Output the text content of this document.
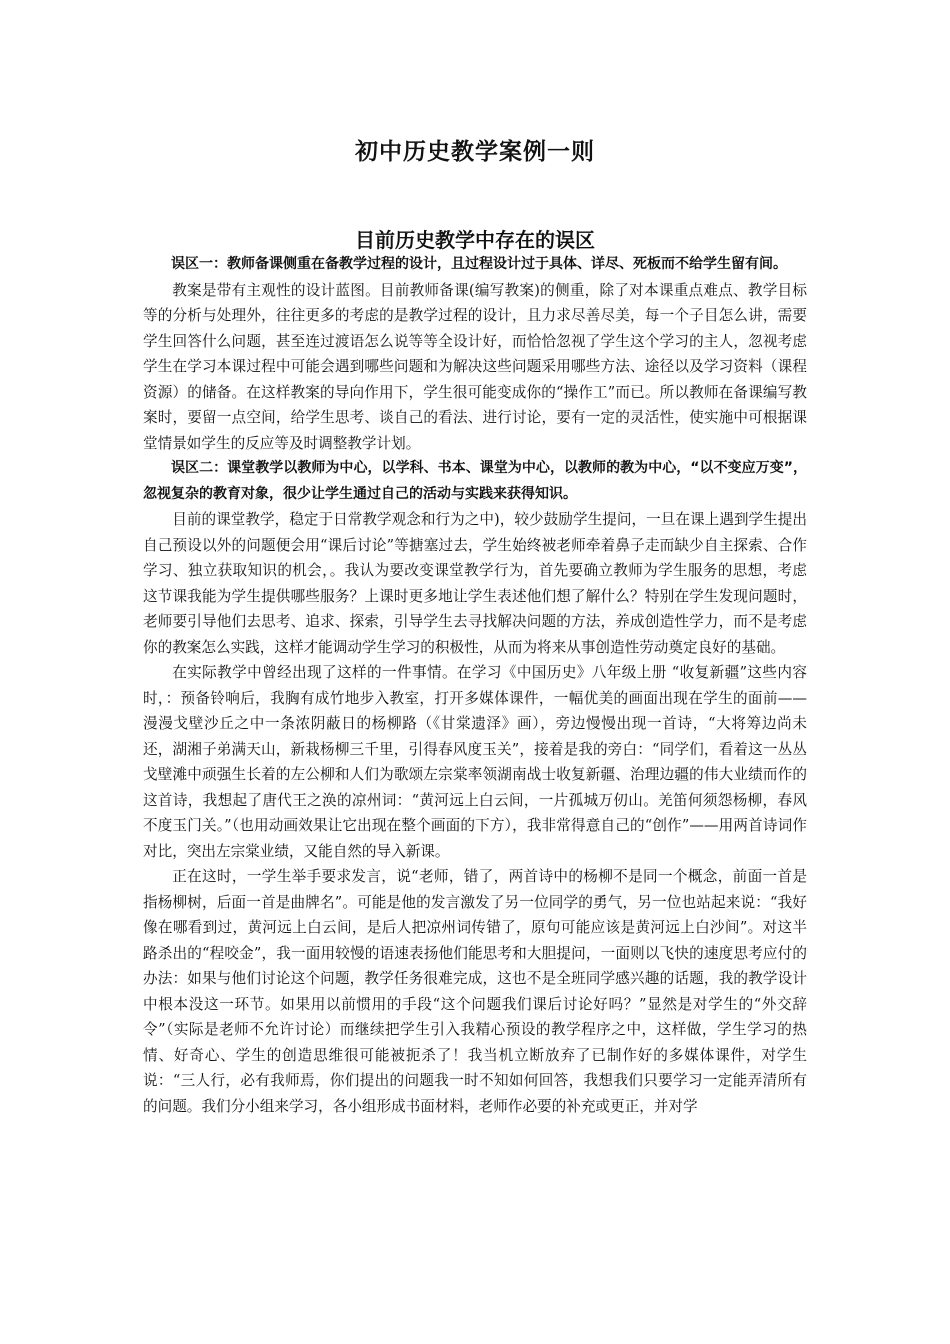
初中历史教学案例一则
目前历史教学中存在的误区

误区一：教师备课侧重在备教学过程的设计，且过程设计过于具体、详尽、死板而不给学生留有间。

教案是带有主观性的设计蓝图。目前教师备课(编写教案)的侧重，除了对本课重点难点、教学目标等的分析与处理外，往往更多的考虑的是教学过程的设计，且力求尽善尽美，每一个子目怎么讲，需要学生回答什么问题，甚至连过渡语怎么说等等全设计好，而恰恰忽视了学生这个学习的主人，忽视考虑学生在学习本课过程中可能会遇到哪些问题和为解决这些问题采用哪些方法、途径以及学习资料（课程资源）的储备。在这样教案的导向作用下，学生很可能变成你的“操作工”而已。所以教师在备课编写教案时，要留一点空间，给学生思考、谈自己的看法、进行讨论，要有一定的灵活性，使实施中可根据课堂情景如学生的反应等及时调整教学计划。

误区二：课堂教学以教师为中心，以学科、书本、课堂为中心，以教师的教为中心，“以不变应万变”，忽视复杂的教育对象，很少让学生通过自己的活动与实践来获得知识。

目前的课堂教学，稳定于日常教学观念和行为之中)，较少鼓励学生提问，一旦在课上遇到学生提出自己预设以外的问题便会用“课后讨论”等搪塞过去，学生始终被老师牵着鼻子走而缺少自主探索、合作学习、独立获取知识的机会，。我认为要改变课堂教学行为，首先要确立教师为学生服务的思想，考虑这节课我能为学生提供哪些服务？上课时更多地让学生表述他们想了解什么？特别在学生发现问题时，老师要引导他们去思考、追求、探索，引导学生去寻找解决问题的方法，养成创造性学力，而不是考虑你的教案怎么实践，这样才能调动学生学习的积极性，从而为将来从事创造性劳动奠定良好的基础。

在实际教学中曾经出现了这样的一件事情。在学习《中国历史》八年级上册 “收复新疆”这些内容时，：预备铃响后，我胸有成竹地步入教室，打开多媒体课件，一幅优美的画面出现在学生的面前——漫漫戈壁沙丘之中一条浓阴蔽日的杨柳路（《甘棠遗泽》画），旁边慢慢出现一首诗，“大将筹边尚未还，湖湘子弟满天山，新栽杨柳三千里，引得春风度玉关”，接着是我的旁白：“同学们，看着这一丛丛戈壁滩中顽强生长着的左公柳和人们为歌颂左宗棠率领湖南战士收复新疆、治理边疆的伟大业绩而作的这首诗，我想起了唐代王之涣的凉州词：“黄河远上白云间，一片孤城万仞山。羌笛何须怨杨柳，春风不度玉门关。”（也用动画效果让它出现在整个画面的下方），我非常得意自己的“创作”——用两首诗词作对比，突出左宗棠业绩，又能自然的导入新课。

正在这时，一学生举手要求发言，说“老师，错了，两首诗中的杨柳不是同一个概念，前面一首是指杨柳树，后面一首是曲牌名”。可能是他的发言激发了另一位同学的勇气，另一位也站起来说：“我好像在哪看到过，黄河远上白云间，是后人把凉州词传错了，原句可能应该是黄河远上白沙间”。对这半路杀出的“程咬金”，我一面用较慢的语速表扬他们能思考和大胆提问，一面则以飞快的速度思考应付的办法：如果与他们讨论这个问题，教学任务很难完成，这也不是全班同学感兴趣的话题，我的教学设计中根本没这一环节。如果用以前惯用的手段“这个问题我们课后讨论好吗？”显然是对学生的“外交辞令”（实际是老师不允许讨论）而继续把学生引入我精心预设的教学程序之中，这样做，学生学习的热情、好奇心、学生的创造思维很可能被扼杀了！我当机立断放弃了已制作好的多媒体课件，对学生说：“三人行，必有我师焉，你们提出的问题我一时不知如何回答，我想我们只要学习一定能弄清所有的问题。我们分小组来学习，各小组形成书面材料，老师作必要的补充或更正，并对学
